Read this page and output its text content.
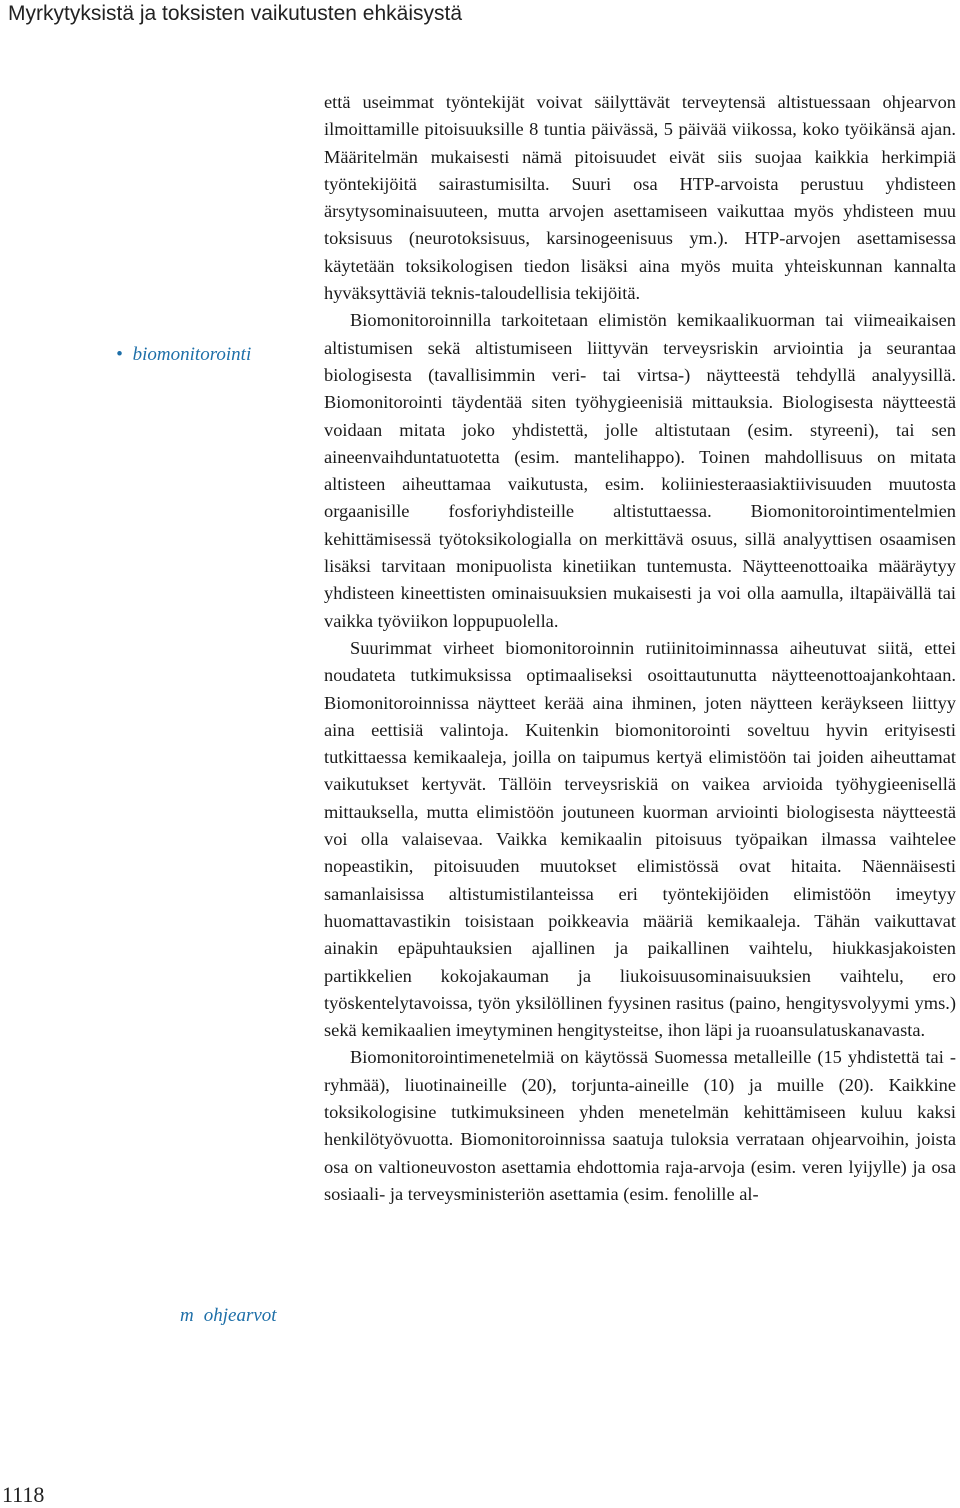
Myrkytyksistä ja toksisten vaikutusten ehkäisystä
• biomonitorointi
m ohjearvot

että useimmat työntekijät voivat säilyttävät terveytensä altistuessaan ohjearvon ilmoittamille pitoisuuksille 8 tuntia päivässä, 5 päivää viikossa, koko työikänsä ajan. Määritelmän mukaisesti nämä pitoisuudet eivät siis suojaa kaikkia herkimpiä työntekijöitä sairastumisilta. Suuri osa HTP-arvoista perustuu yhdisteen ärsytysominaisuuteen, mutta arvojen asettamiseen vaikuttaa myös yhdisteen muu toksisuus (neurotoksisuus, karsinogeenisuus ym.). HTP-arvojen asettamisessa käytetään toksikologisen tiedon lisäksi aina myös muita yhteiskunnan kannalta hyväksyttäviä teknis-taloudellisia tekijöitä.

Biomonitoroinnilla tarkoitetaan elimistön kemikaalikuorman tai viimeaikaisen altistumisen sekä altistumiseen liittyvän terveysriskin arviointia ja seurantaa biologisesta (tavallisimmin veri- tai virtsa-) näytteestä tehdyllä analyysillä. Biomonitorointi täydentää siten työhygieenisiä mittauksia. Biologisesta näytteestä voidaan mitata joko yhdistettä, jolle altistutaan (esim. styreeni), tai sen aineenvaihduntatuotetta (esim. mantelihappo). Toinen mahdollisuus on mitata altisteen aiheuttamaa vaikutusta, esim. koliiniesteraasiaktiivisuuden muutosta orgaanisille fosforiyhdisteille altistuttaessa. Biomonitorointimentelmien kehittämisessä työtoksikologialla on merkittävä osuus, sillä analyyttisen osaamisen lisäksi tarvitaan monipuolista kinetiikan tuntemusta. Näytteenottoaika määräytyy yhdisteen kineettisten ominaisuuksien mukaisesti ja voi olla aamulla, iltapäivällä tai vaikka työviikon loppupuolella.

Suurimmat virheet biomonitoroinnin rutiinitoiminnassa aiheutuvat siitä, ettei noudateta tutkimuksissa optimaaliseksi osoittautunutta näytteenottoajankohtaan. Biomonitoroinnissa näytteet kerää aina ihminen, joten näytteen keräykseen liittyy aina eettisiä valintoja. Kuitenkin biomonitorointi soveltuu hyvin erityisesti tutkittaessa kemikaaleja, joilla on taipumus kertyä elimistöön tai joiden aiheuttamat vaikutukset kertyvät. Tällöin terveysriskiä on vaikea arvioida työhygieenisellä mittauksella, mutta elimistöön joutuneen kuorman arviointi biologisesta näytteestä voi olla valaisevaa. Vaikka kemikaalin pitoisuus työpaikan ilmassa vaihtelee nopeastikin, pitoisuuden muutokset elimistössä ovat hitaita. Näennäisesti samanlaisissa altistumistilanteissa eri työntekijöiden elimistöön imeytyy huomattavastikin toisistaan poikkeavia määriä kemikaaleja. Tähän vaikuttavat ainakin epäpuhtauksien ajallinen ja paikallinen vaihtelu, hiukkasjakoisten partikkelien kokojakauman ja liukoisuusominaisuuksien vaihtelu, ero työskentelytavoissa, työn yksilöllinen fyysinen rasitus (paino, hengitysvolyymi yms.) sekä kemikaalien imeytyminen hengitysteitse, ihon läpi ja ruoansulatuskanavasta.

Biomonitorointimenetelmiä on käytössä Suomessa metalleille (15 yhdistettä tai -ryhmää), liuotinaineille (20), torjunta-aineille (10) ja muille (20). Kaikkine toksikologisine tutkimuksineen yhden menetelmän kehittämiseen kuluu kaksi henkilötyövuotta. Biomonitoroinnissa saatuja tuloksia verrataan ohjearvoihin, joista osa on valtioneuvoston asettamia ehdottomia raja-arvoja (esim. veren lyijylle) ja osa sosiaali- ja terveysministeriön asettamia (esim. fenolille al-

1118
